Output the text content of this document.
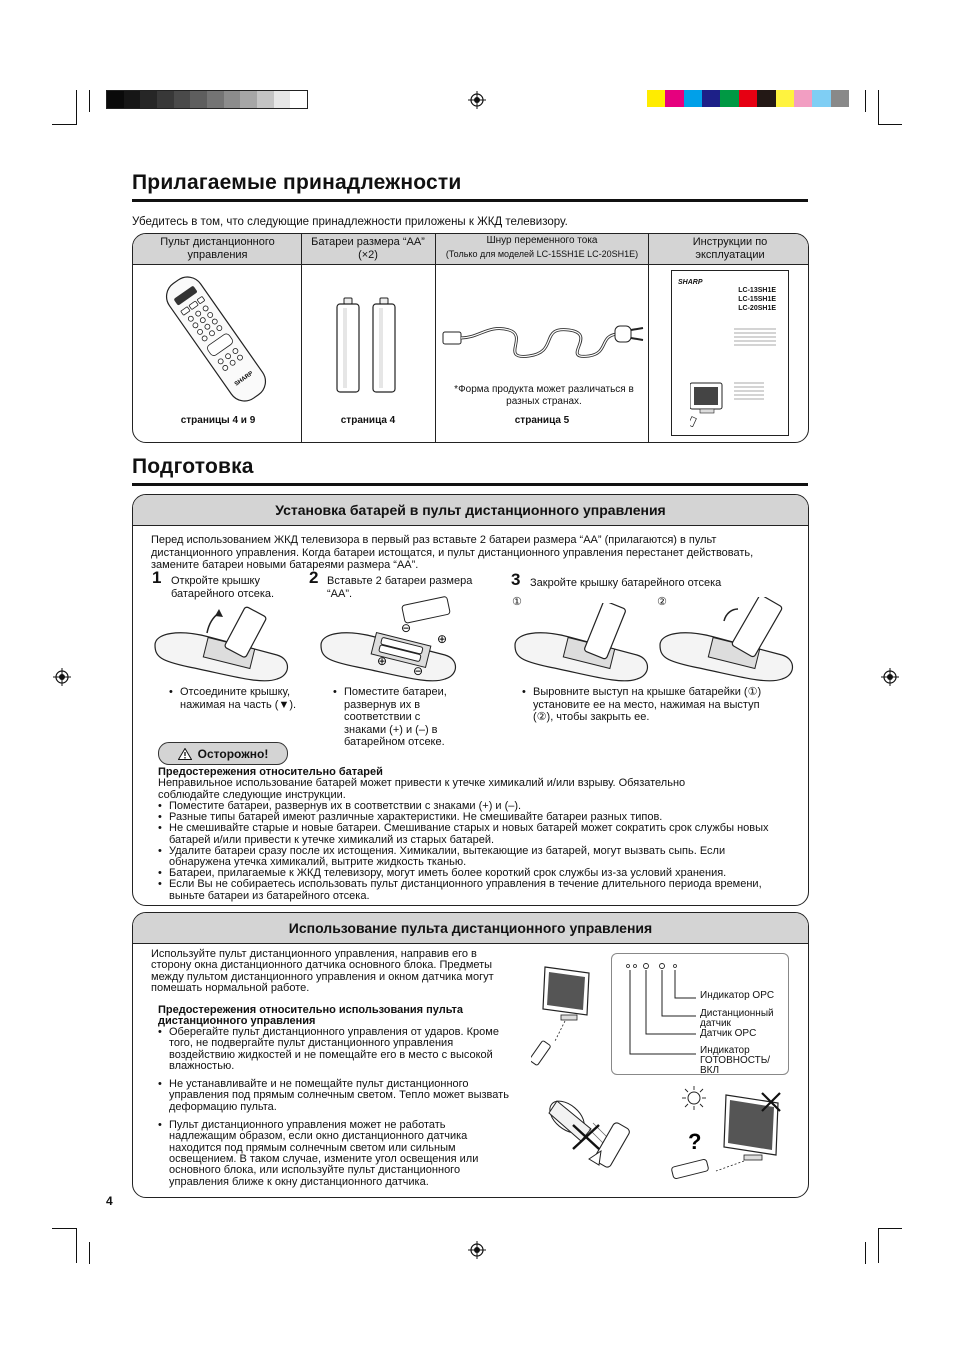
Прилагаемые принадлежности
Убедитесь в том, что следующие принадлежности приложены к ЖКД телевизору.
Пульт дистанционного управления
Батареи размера “AA” (×2)
Шнур переменного тока
(Только для моделей LC-15SH1E LC-20SH1E)
Инструкции по эксплуатации
SHARP
страницы 4 и 9	страница 4
*Форма продукта может различаться в разных странах.
страница 5
SHARP
LC-13SH1E
LC-15SH1E
LC-20SH1E
Подготовка
Установка батарей в пульт дистанционного управления
Перед использованием ЖКД телевизора в первый раз вставьте 2 батареи размера “AA” (прилагаются) в пульт дистанционного управления. Когда батареи истощатся, и пульт дистанционного управления перестанет действовать, замените батареи новыми батареями размера “AA”.
1 Откройте крышку батарейного отсека.
2 Вставьте 2 батареи размера “AA”.
3 Закройте крышку батарейного отсека
①	②
⊖
⊕
⊕
⊖
• Отсоедините крышку, нажимая на часть (▼).
• Поместите батареи, развернув их в соответствии с знаками (+) и (–) в батарейном отсеке.
• Выровните выступ на крышке батарейки (①) установите ее на место, нажимая на выступ (②), чтобы закрыть ее.
Осторожно!
Предостережения относительно батарей
Неправильное использование батарей может привести к утечке химикалий и/или взрыву. Обязательно соблюдайте следующие инструкции.
• Поместите батареи, развернув их в соответствии с знаками (+) и (–).
• Разные типы батарей имеют различные характеристики. Не смешивайте батареи разных типов.
• Не смешивайте старые и новые батареи. Смешивание старых и новых батарей может сократить срок службы новых батарей и/или привести к утечке химикалий из старых батарей.
• Удалите батареи сразу после их истощения. Химикалии, вытекающие из батарей, могут вызвать сыпь. Если обнаружена утечка химикалий, вытрите жидкость тканью.
• Батареи, прилагаемые к ЖКД телевизору, могут иметь более короткий срок службы из-за условий хранения.
• Если Вы не собираетесь использовать пульт дистанционного управления в течение длительного периода времени, выньте батареи из батарейного отсека.
Использование пульта дистанционного управления
Используйте пульт дистанционного управления, направив его в сторону окна дистанционного датчика основного блока. Предметы между пультом дистанционного управления и окном датчика могут помешать нормальной работе.
Предостережения относительно использования пульта дистанционного управления
• Оберегайте пульт дистанционного управления от ударов. Кроме того, не подвергайте пульт дистанционного управления воздействию жидкостей и не помещайте его в место с высокой влажностью.
• Не устанавливайте и не помещайте пульт дистанционного управления под прямым солнечным светом. Тепло может вызвать деформацию пульта.
• Пульт дистанционного управления может не работать надлежащим образом, если окно дистанционного датчика находится под прямым солнечным светом или сильным освещением. В таком случае, измените угол освещения или основного блока, или используйте пульт дистанционного управления ближе к окну дистанционного датчика.
Индикатор OPC
Дистанционный датчик
Датчик OPC
Индикатор ГОТОВНОСТЬ/ВКЛ
?
4
